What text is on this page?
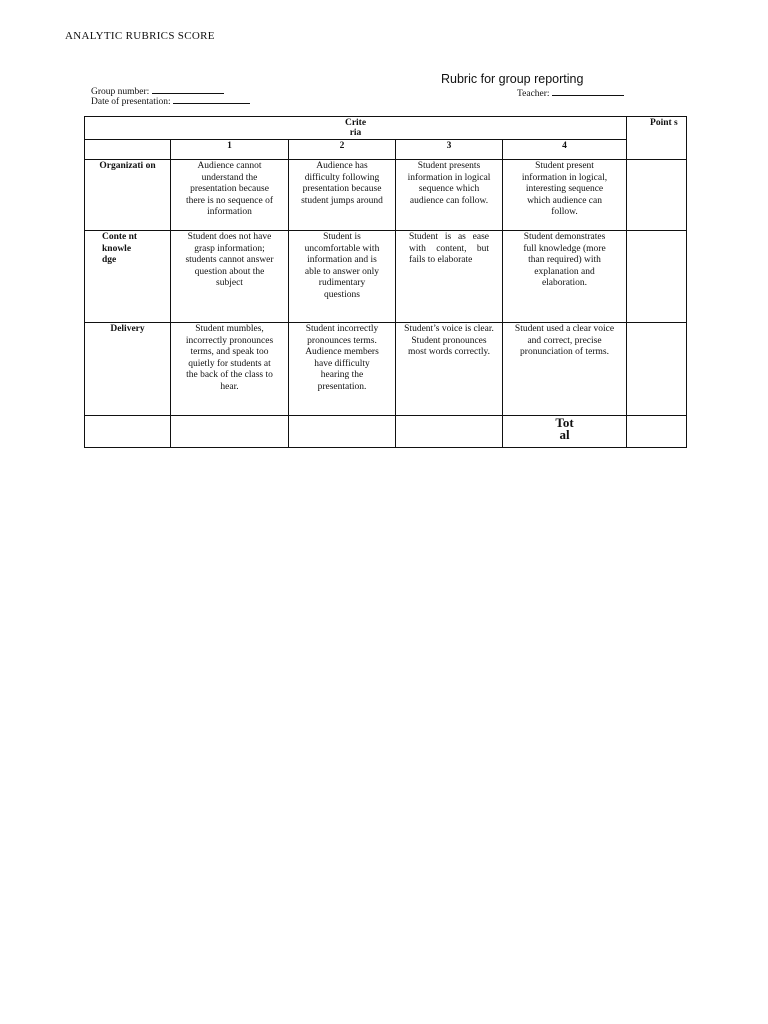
ANALYTIC RUBRICS SCORE
Rubric for group reporting
Group number:
Date of presentation:
Teacher:
Crite ria					Point s

	1	2	3	4	

Organizati on	Audience cannot understand the presentation because there is no sequence of information	Audience has difficulty following presentation because student jumps around	Student presents information in logical sequence which audience can follow.	Student present information in logical, interesting sequence which audience can follow.	

Conte nt knowle dge	Student does not have grasp information; students cannot answer question about the subject	Student is uncomfortable with information and is able to answer only rudimentary questions	Student is as ease with content, but fails to elaborate	Student demonstrates full knowledge (more than required) with explanation and elaboration.	

Delivery	Student mumbles, incorrectly pronounces terms, and speak too quietly for students at the back of the class to hear.	Student incorrectly pronounces terms. Audience members have difficulty hearing the presentation.	Student’s voice is clear. Student pronounces most words correctly.	Student used a clear voice and correct, precise pronunciation of terms.	

				Tot al	
